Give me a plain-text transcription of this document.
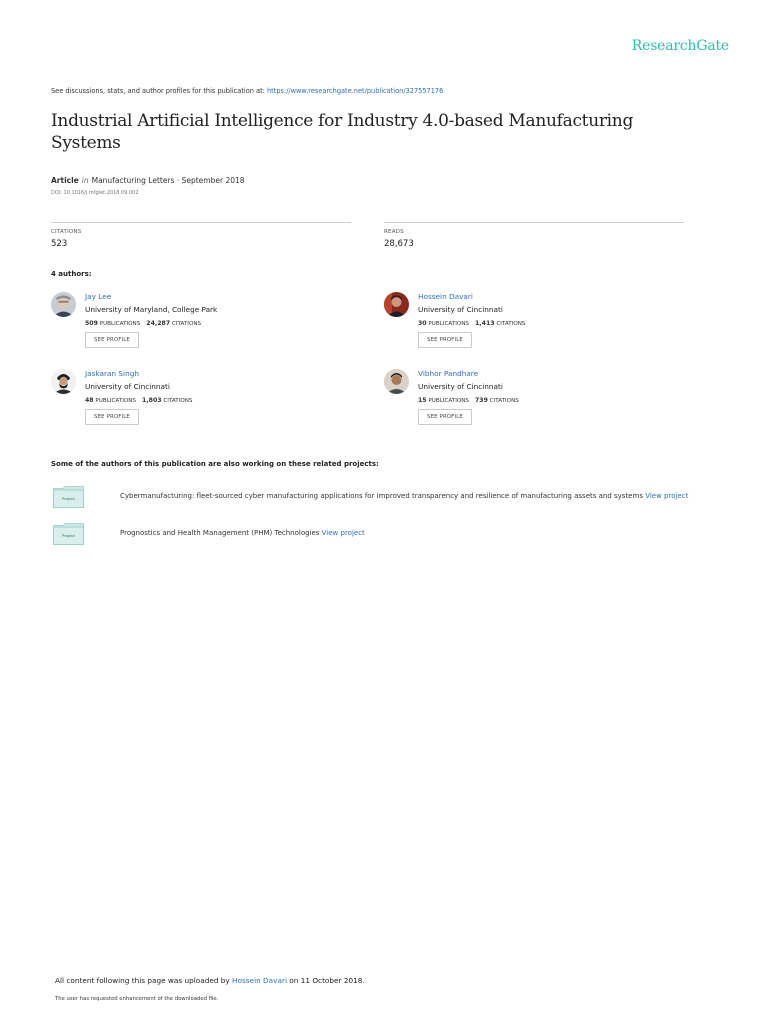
ResearchGate
See discussions, stats, and author profiles for this publication at: https://www.researchgate.net/publication/327557176
Industrial Artificial Intelligence for Industry 4.0-based Manufacturing Systems
Article in Manufacturing Letters · September 2018
DOI: 10.1016/j.mfglet.2018.09.002
CITATIONS
523
READS
28,673
4 authors:
Jay Lee
University of Maryland, College Park
509 PUBLICATIONS 24,287 CITATIONS
SEE PROFILE
Hossein Davari
University of Cincinnati
30 PUBLICATIONS 1,413 CITATIONS
SEE PROFILE
Jaskaran Singh
University of Cincinnati
48 PUBLICATIONS 1,803 CITATIONS
SEE PROFILE
Vibhor Pandhare
University of Cincinnati
15 PUBLICATIONS 739 CITATIONS
SEE PROFILE
Some of the authors of this publication are also working on these related projects:
Project	Cybermanufacturing: fleet-sourced cyber manufacturing applications for improved transparency and resilience of manufacturing assets and systems View project
Project	Prognostics and Health Management (PHM) Technologies View project
All content following this page was uploaded by Hossein Davari on 11 October 2018.
The user has requested enhancement of the downloaded file.
